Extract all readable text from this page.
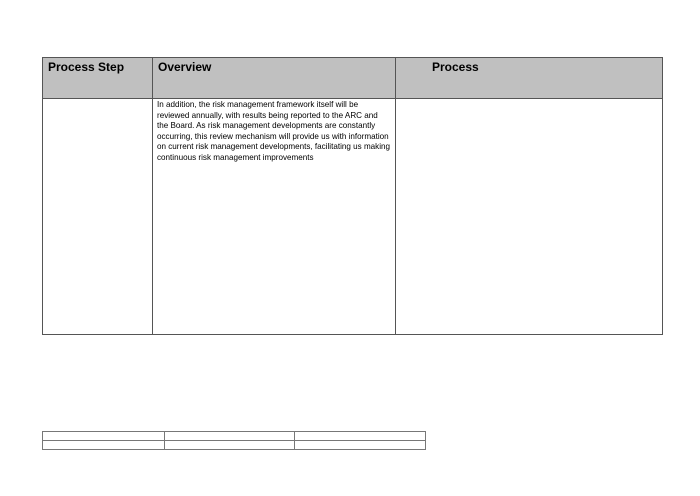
Process Step	Overview	Process

	In addition, the risk management framework itself will be reviewed annually, with results being reported to the ARC and the Board. As risk management developments are constantly occurring, this review mechanism will provide us with information on current risk management developments, facilitating us making continuous risk management improvements	
